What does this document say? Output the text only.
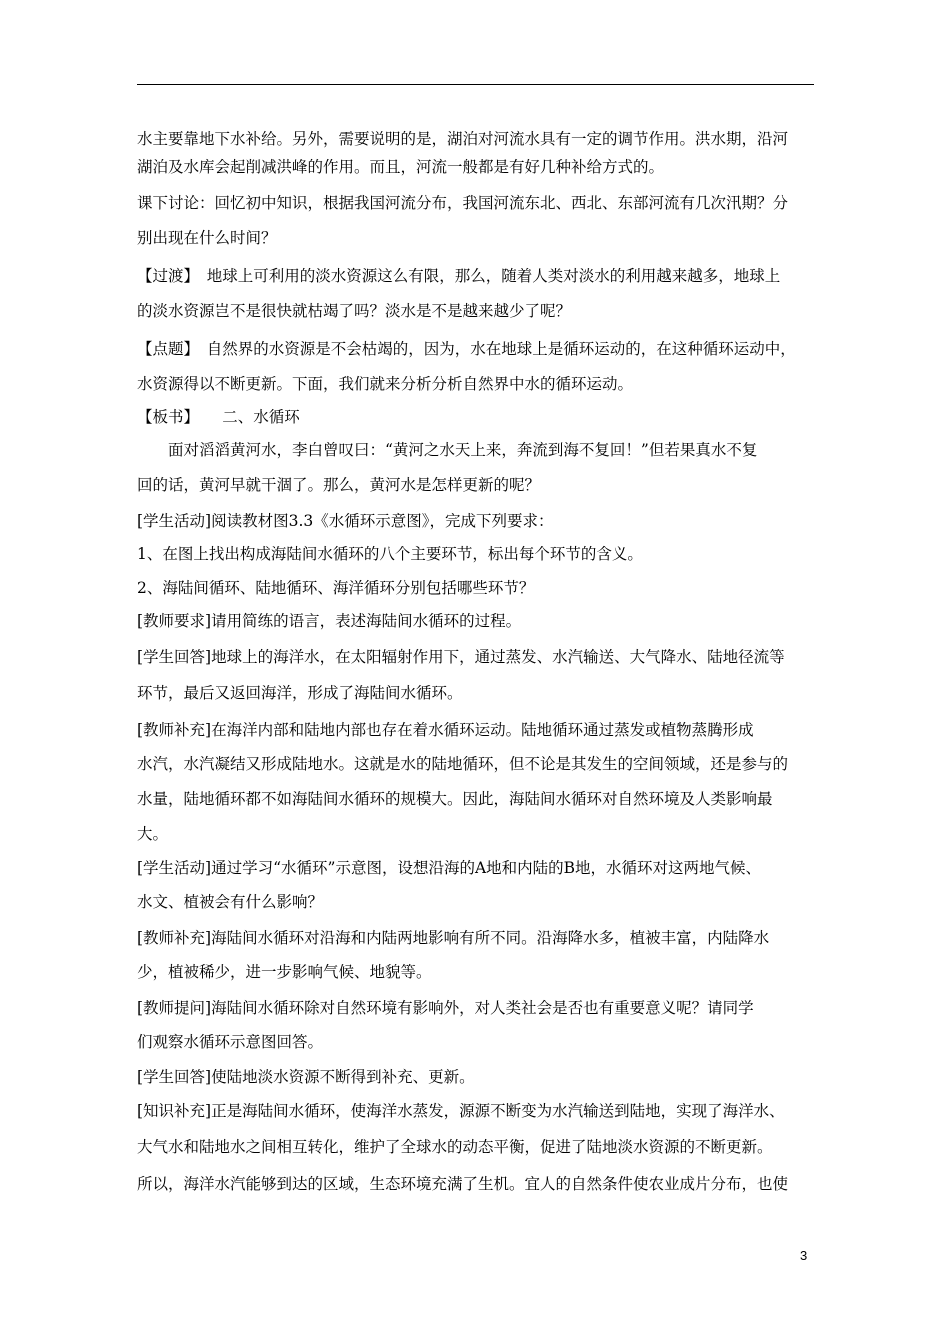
水主要靠地下水补给。另外，需要说明的是，湖泊对河流水具有一定的调节作用。洪水期，沿河
湖泊及水库会起削减洪峰的作用。而且，河流一般都是有好几种补给方式的。
课下讨论：回忆初中知识，根据我国河流分布，我国河流东北、西北、东部河流有几次汛期？分
别出现在什么时间？
【过渡】　地球上可利用的淡水资源这么有限，那么，随着人类对淡水的利用越来越多，地球上
的淡水资源岂不是很快就枯竭了吗？淡水是不是越来越少了呢？
【点题】　自然界的水资源是不会枯竭的，因为，水在地球上是循环运动的，在这种循环运动中，
水资源得以不断更新。下面，我们就来分析分析自然界中水的循环运动。
【板书】　　二、水循环
　　面对滔滔黄河水，李白曾叹曰：“黄河之水天上来，奔流到海不复回！”但若果真水不复
回的话，黄河早就干涸了。那么，黄河水是怎样更新的呢？
[学生活动]阅读教材图3.3《水循环示意图》，完成下列要求：
1、在图上找出构成海陆间水循环的八个主要环节，标出每个环节的含义。
2、海陆间循环、陆地循环、海洋循环分别包括哪些环节？
[教师要求]请用简练的语言，表述海陆间水循环的过程。
[学生回答]地球上的海洋水，在太阳辐射作用下，通过蒸发、水汽输送、大气降水、陆地径流等
环节，最后又返回海洋，形成了海陆间水循环。
[教师补充]在海洋内部和陆地内部也存在着水循环运动。陆地循环通过蒸发或植物蒸腾形成
水汽，水汽凝结又形成陆地水。这就是水的陆地循环，但不论是其发生的空间领域，还是参与的
水量，陆地循环都不如海陆间水循环的规模大。因此，海陆间水循环对自然环境及人类影响最
大。
[学生活动]通过学习“水循环”示意图，设想沿海的A地和内陆的B地，水循环对这两地气候、
水文、植被会有什么影响？
[教师补充]海陆间水循环对沿海和内陆两地影响有所不同。沿海降水多，植被丰富，内陆降水
少，植被稀少，进一步影响气候、地貌等。
[教师提问]海陆间水循环除对自然环境有影响外，对人类社会是否也有重要意义呢？请同学
们观察水循环示意图回答。
[学生回答]使陆地淡水资源不断得到补充、更新。
[知识补充]正是海陆间水循环，使海洋水蒸发，源源不断变为水汽输送到陆地，实现了海洋水、
大气水和陆地水之间相互转化，维护了全球水的动态平衡，促进了陆地淡水资源的不断更新。
所以，海洋水汽能够到达的区域，生态环境充满了生机。宜人的自然条件使农业成片分布，也使
3
